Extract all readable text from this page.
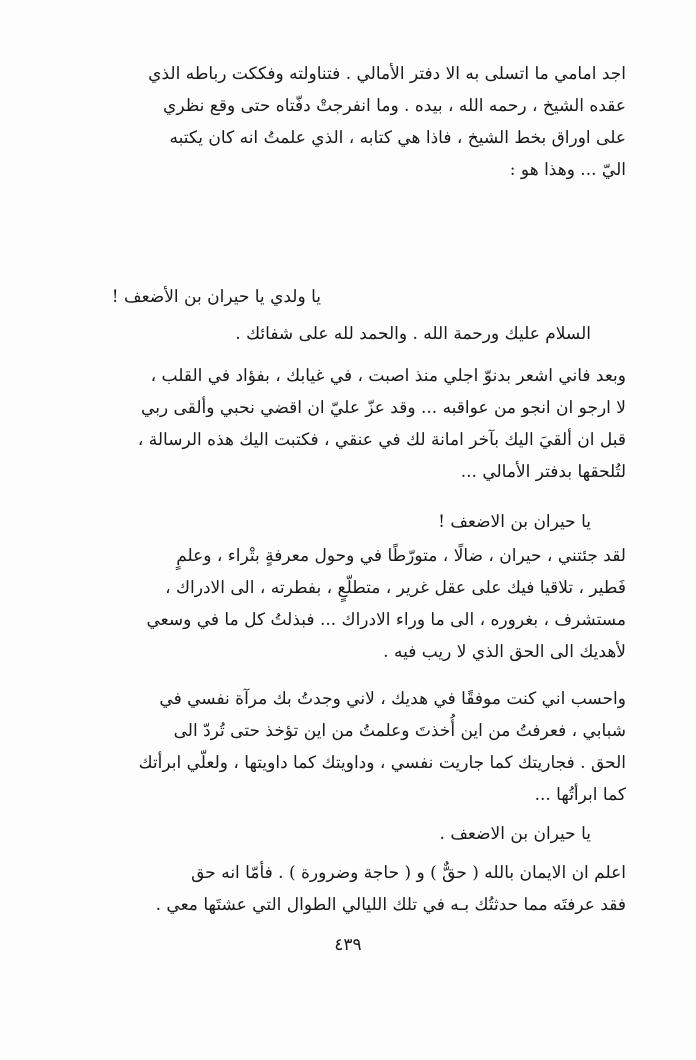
اجد امامي ما اتسلى به الا دفتر الأمالي . فتناولته وفككت رباطه الذي
عقده الشيخ ، رحمه الله ، بيده . وما انفرجتْ دفّتاه حتى وقع نظري
على اوراق بخط الشيخ ، فاذا هي كتابه ، الذي علمتُ انه كان يكتبه
اليّ ... وهذا هو :
يا ولدي يا حيران بن الأضعف !
السلام عليك ورحمة الله . والحمد لله على شفائك .
وبعد فاني اشعر بدنوّ اجلي منذ اصبت ، في غيابك ، بفؤاد في القلب ،
لا ارجو ان انجو من عواقبه ... وقد عزّ عليّ ان اقضي نحبي وألقى ربي
قبل ان ألقيَ اليك بآخر امانة لك في عنقي ، فكتبت اليك هذه الرسالة ،
لتُلحقها بدفتر الأمالي ...
يا حيران بن الاضعف !
لقد جئتني ، حيران ، ضالًا ، متورّطًا في وحول معرفةٍ بتْراء ، وعلمٍ
فَطير ، تلاقيا فيك على عقل غرير ، متطلّعٍ ، بفطرته ، الى الادراك ،
مستشرف ، بغروره ، الى ما وراء الادراك ... فبذلتُ كل ما في وسعي
لأهديك الى الحق الذي لا ريب فيه .
واحسب اني كنت موفقًا في هديك ، لاني وجدتُ بك مرآة نفسي في
شبابي ، فعرفتُ من اين أُخذتَ وعلمتُ من اين تؤخذ حتى تُردّ الى
الحق . فجاريتك كما جاريت نفسي ، وداويتك كما داويتها ، ولعلّي ابرأتك
كما ابرأتُها ...
يا حيران بن الاضعف .
اعلم ان الايمان بالله ( حقٌّ ) و ( حاجة وضرورة ) . فأمّا انه حق
فقد عرفتَه مما حدثتُك بـه في تلك الليالي الطوال التي عشتَها معي .
٤٣٩
